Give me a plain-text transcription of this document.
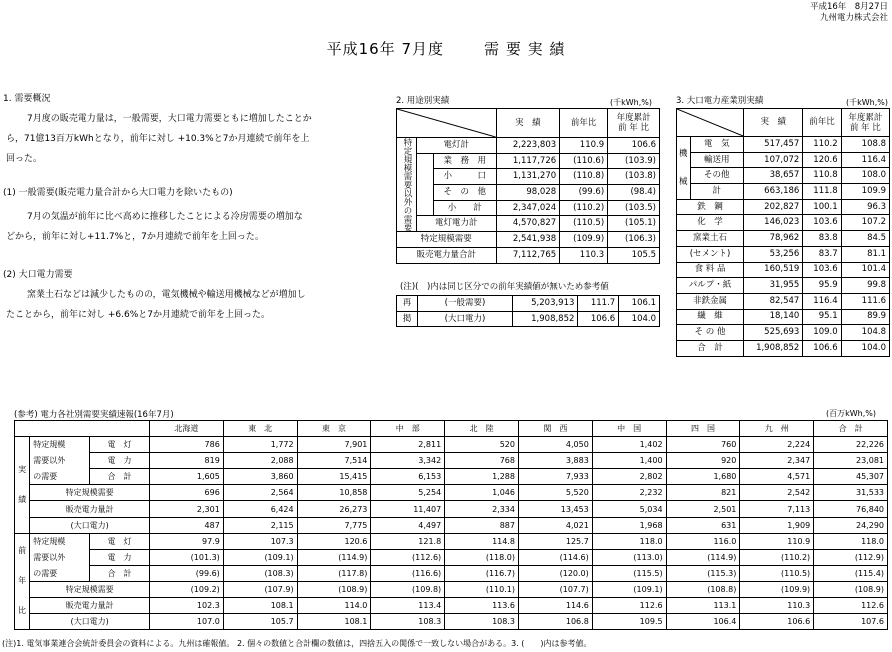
平成16年　8月27日
九州電力株式会社
平成16年 7月度	需 要 実 績
1. 需要概況
7月度の販売電力量は，一般需要，大口電力需要ともに増加したことか
ら，71億13百万kWhとなり，前年に対し +10.3%と7か月連続で前年を上
回った。
(1) 一般需要(販売電力量合計から大口電力を除いたもの)
7月の気温が前年に比べ高めに推移したことによる冷房需要の増加な
どから，前年に対し+11.7%と，7か月連続で前年を上回った。
(2) 大口電力需要
窯業土石などは減少したものの，電気機械や輸送用機械などが増加し
たことから，前年に対し +6.6%と7か月連続で前年を上回った。
2. 用途別実績	(千kWh,%)
	実　績	前年比	年度累計
前 年 比

特定規模需要以外の需要	電灯計		2,223,803	110.9	106.6
		業　務　用	1,117,726	(110.6)	(103.9)
		小　　　口	1,131,270	(110.8)	(103.8)
		そ　の　他	98,028	(99.6)	(98.4)
		小　　計	2,347,024	(110.2)	(103.5)
	電灯電力計		4,570,827	(110.5)	(105.1)
特定規模需要			2,541,938	(109.9)	(106.3)
販売電力量合計			7,112,765	110.3	105.5
(注)(　)内は同じ区分での前年実績値が無いため参考値
再	(一般需要)	5,203,913	111.7	106.1
掲	(大口電力)	1,908,852	106.6	104.0
3. 大口電力産業別実績	(千kWh,%)
	実　績	前年比	年度累計
前 年 比

機
械	電　気	517,457	110.2	108.8
	輸送用	107,072	120.6	116.4
	その他	38,657	110.8	108.0
	計	663,186	111.8	109.9
鉄　鋼		202,827	100.1	96.3
化　学		146,023	103.6	107.2
窯業土石		78,962	83.8	84.5
(セメント)		53,256	83.7	81.1
食 料 品		160,519	103.6	101.4
パルプ・紙		31,955	95.9	99.8
非鉄金属		82,547	116.4	111.6
繊　維		18,140	95.1	89.9
そ の 他		525,693	109.0	104.8
合　計		1,908,852	106.6	104.0
(参考) 電力各社別需要実績速報(16年7月)	(百万kWh,%)
			北海道	東　北	東　京	中　部	北　陸	関　西	中　国	四　国	九　州	合　計

実
績	特定規模	電　灯	786	1,772	7,901	2,811	520	4,050	1,402	760	2,224	22,226
	需要以外	電　力	819	2,088	7,514	3,342	768	3,883	1,400	920	2,347	23,081
	の需要	合　計	1,605	3,860	15,415	6,153	1,288	7,933	2,802	1,680	4,571	45,307
	特定規模需要		696	2,564	10,858	5,254	1,046	5,520	2,232	821	2,542	31,533
	販売電力量計		2,301	6,424	26,273	11,407	2,334	13,453	5,034	2,501	7,113	76,840
	(大口電力)		487	2,115	7,775	4,497	887	4,021	1,968	631	1,909	24,290

前
年
比	特定規模	電　灯	97.9	107.3	120.6	121.8	114.8	125.7	118.0	116.0	110.9	118.0
	需要以外	電　力	(101.3)	(109.1)	(114.9)	(112.6)	(118.0)	(114.6)	(113.0)	(114.9)	(110.2)	(112.9)
	の需要	合　計	(99.6)	(108.3)	(117.8)	(116.6)	(116.7)	(120.0)	(115.5)	(115.3)	(110.5)	(115.4)
	特定規模需要		(109.2)	(107.9)	(108.9)	(109.8)	(110.1)	(107.7)	(109.1)	(108.8)	(109.9)	(108.9)
	販売電力量計		102.3	108.1	114.0	113.4	113.6	114.6	112.6	113.1	110.3	112.6
	(大口電力)		107.0	105.7	108.1	108.3	108.3	106.8	109.5	106.4	106.6	107.6
(注)1. 電気事業連合会統計委員会の資料による。九州は確報値。 2. 個々の数値と合計欄の数値は，四捨五入の関係で一致しない場合がある。3. (　　)内は参考値。
